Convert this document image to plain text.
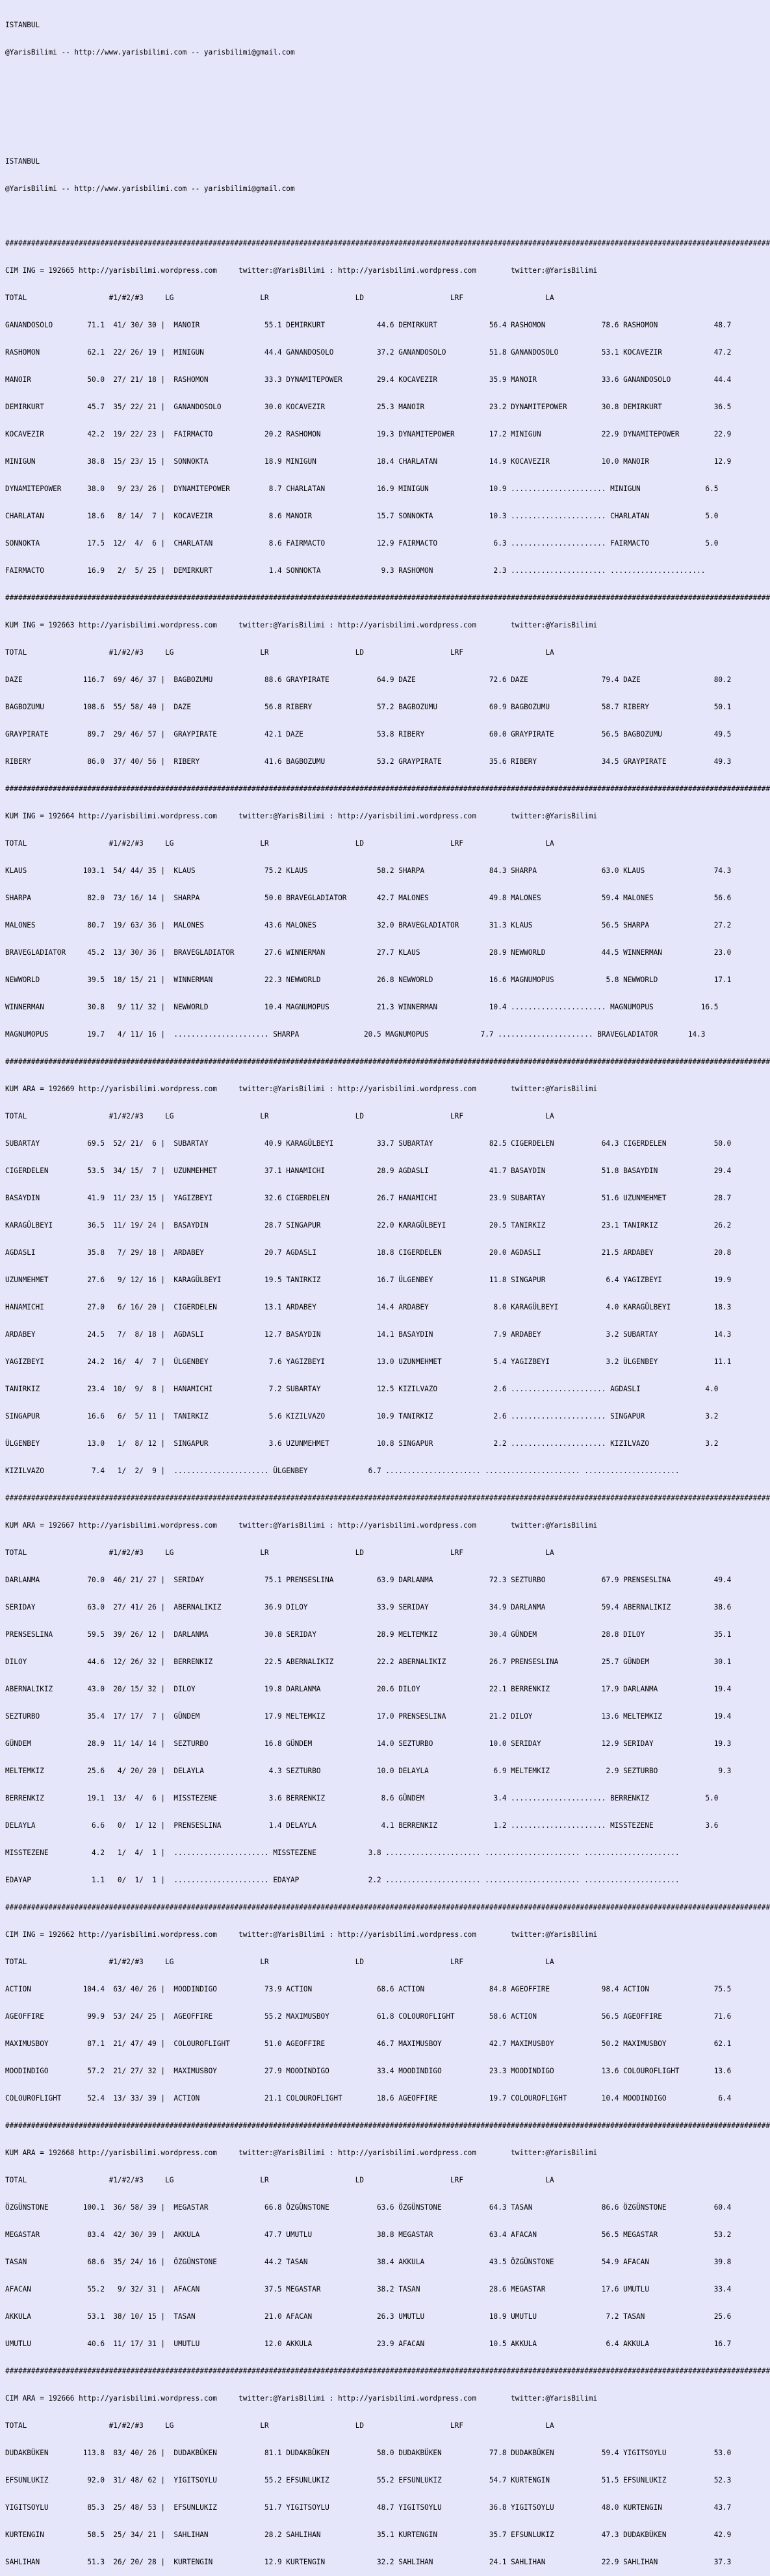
ISTANBUL

@YarisBilimi -- http://www.yarisbilimi.com -- yarisbilimi@gmail.com

ISTANBUL

@YarisBilimi -- http://www.yarisbilimi.com -- yarisbilimi@gmail.com

#################################################################################################################################################################################

CIM ING = 192665 http://yarisbilimi.wordpress.com     twitter:@YarisBilimi : http://yarisbilimi.wordpress.com        twitter:@YarisBilimi

TOTAL                   #1/#2/#3     LG                    LR                    LD                    LRF                   LA

GANANDOSOLO        71.1  41/ 30/ 30 |  MANOIR               55.1 DEMIRKURT            44.6 DEMIRKURT            56.4 RASHOMON             78.6 RASHOMON             48.7

RASHOMON           62.1  22/ 26/ 19 |  MINIGUN              44.4 GANANDOSOLO          37.2 GANANDOSOLO          51.8 GANANDOSOLO          53.1 KOCAVEZIR            47.2

MANOIR             50.0  27/ 21/ 18 |  RASHOMON             33.3 DYNAMITEPOWER        29.4 KOCAVEZIR            35.9 MANOIR               33.6 GANANDOSOLO          44.4

DEMIRKURT          45.7  35/ 22/ 21 |  GANANDOSOLO          30.0 KOCAVEZIR            25.3 MANOIR               23.2 DYNAMITEPOWER        30.8 DEMIRKURT            36.5

KOCAVEZIR          42.2  19/ 22/ 23 |  FAIRMACTO            20.2 RASHOMON             19.3 DYNAMITEPOWER        17.2 MINIGUN              22.9 DYNAMITEPOWER        22.9

MINIGUN            38.8  15/ 23/ 15 |  SONNOKTA             18.9 MINIGUN              18.4 CHARLATAN            14.9 KOCAVEZIR            10.0 MANOIR               12.9

DYNAMITEPOWER      38.0   9/ 23/ 26 |  DYNAMITEPOWER         8.7 CHARLATAN            16.9 MINIGUN              10.9 ...................... MINIGUN               6.5

CHARLATAN          18.6   8/ 14/  7 |  KOCAVEZIR             8.6 MANOIR               15.7 SONNOKTA             10.3 ...................... CHARLATAN             5.0

SONNOKTA           17.5  12/  4/  6 |  CHARLATAN             8.6 FAIRMACTO            12.9 FAIRMACTO             6.3 ...................... FAIRMACTO             5.0

FAIRMACTO          16.9   2/  5/ 25 |  DEMIRKURT             1.4 SONNOKTA              9.3 RASHOMON              2.3 ...................... ......................

#################################################################################################################################################################################

KUM ING = 192663 http://yarisbilimi.wordpress.com     twitter:@YarisBilimi : http://yarisbilimi.wordpress.com        twitter:@YarisBilimi

TOTAL                   #1/#2/#3     LG                    LR                    LD                    LRF                   LA

DAZE              116.7  69/ 46/ 37 |  BAGBOZUMU            88.6 GRAYPIRATE           64.9 DAZE                 72.6 DAZE                 79.4 DAZE                 80.2

BAGBOZUMU         108.6  55/ 58/ 40 |  DAZE                 56.8 RIBERY               57.2 BAGBOZUMU            60.9 BAGBOZUMU            58.7 RIBERY               50.1

GRAYPIRATE         89.7  29/ 46/ 57 |  GRAYPIRATE           42.1 DAZE                 53.8 RIBERY               60.0 GRAYPIRATE           56.5 BAGBOZUMU            49.5

RIBERY             86.0  37/ 40/ 56 |  RIBERY               41.6 BAGBOZUMU            53.2 GRAYPIRATE           35.6 RIBERY               34.5 GRAYPIRATE           49.3

#################################################################################################################################################################################

KUM ING = 192664 http://yarisbilimi.wordpress.com     twitter:@YarisBilimi : http://yarisbilimi.wordpress.com        twitter:@YarisBilimi

TOTAL                   #1/#2/#3     LG                    LR                    LD                    LRF                   LA

KLAUS             103.1  54/ 44/ 35 |  KLAUS                75.2 KLAUS                58.2 SHARPA               84.3 SHARPA               63.0 KLAUS                74.3

SHARPA             82.0  73/ 16/ 14 |  SHARPA               50.0 BRAVEGLADIATOR       42.7 MALONES              49.8 MALONES              59.4 MALONES              56.6

MALONES            80.7  19/ 63/ 36 |  MALONES              43.6 MALONES              32.0 BRAVEGLADIATOR       31.3 KLAUS                56.5 SHARPA               27.2

BRAVEGLADIATOR     45.2  13/ 30/ 36 |  BRAVEGLADIATOR       27.6 WINNERMAN            27.7 KLAUS                28.9 NEWWORLD             44.5 WINNERMAN            23.0

NEWWORLD           39.5  18/ 15/ 21 |  WINNERMAN            22.3 NEWWORLD             26.8 NEWWORLD             16.6 MAGNUMOPUS            5.8 NEWWORLD             17.1

WINNERMAN          30.8   9/ 11/ 32 |  NEWWORLD             10.4 MAGNUMOPUS           21.3 WINNERMAN            10.4 ...................... MAGNUMOPUS           16.5

MAGNUMOPUS         19.7   4/ 11/ 16 |  ...................... SHARPA               20.5 MAGNUMOPUS            7.7 ...................... BRAVEGLADIATOR       14.3

#################################################################################################################################################################################

KUM ARA = 192669 http://yarisbilimi.wordpress.com     twitter:@YarisBilimi : http://yarisbilimi.wordpress.com        twitter:@YarisBilimi

TOTAL                   #1/#2/#3     LG                    LR                    LD                    LRF                   LA

SUBARTAY           69.5  52/ 21/  6 |  SUBARTAY             40.9 KARAGÜLBEYI          33.7 SUBARTAY             82.5 CIGERDELEN           64.3 CIGERDELEN           50.0

CIGERDELEN         53.5  34/ 15/  7 |  UZUNMEHMET           37.1 HANAMICHI            28.9 AGDASLI              41.7 BASAYDIN             51.8 BASAYDIN             29.4

BASAYDIN           41.9  11/ 23/ 15 |  YAGIZBEYI            32.6 CIGERDELEN           26.7 HANAMICHI            23.9 SUBARTAY             51.6 UZUNMEHMET           28.7

KARAGÜLBEYI        36.5  11/ 19/ 24 |  BASAYDIN             28.7 SINGAPUR             22.0 KARAGÜLBEYI          20.5 TANIRKIZ             23.1 TANIRKIZ             26.2

AGDASLI            35.8   7/ 29/ 18 |  ARDABEY              20.7 AGDASLI              18.8 CIGERDELEN           20.0 AGDASLI              21.5 ARDABEY              20.8

UZUNMEHMET         27.6   9/ 12/ 16 |  KARAGÜLBEYI          19.5 TANIRKIZ             16.7 ÜLGENBEY             11.8 SINGAPUR              6.4 YAGIZBEYI            19.9

HANAMICHI          27.0   6/ 16/ 20 |  CIGERDELEN           13.1 ARDABEY              14.4 ARDABEY               8.0 KARAGÜLBEYI           4.0 KARAGÜLBEYI          18.3

ARDABEY            24.5   7/  8/ 18 |  AGDASLI              12.7 BASAYDIN             14.1 BASAYDIN              7.9 ARDABEY               3.2 SUBARTAY             14.3

YAGIZBEYI          24.2  16/  4/  7 |  ÜLGENBEY              7.6 YAGIZBEYI            13.0 UZUNMEHMET            5.4 YAGIZBEYI             3.2 ÜLGENBEY             11.1

TANIRKIZ           23.4  10/  9/  8 |  HANAMICHI             7.2 SUBARTAY             12.5 KIZILVAZO             2.6 ...................... AGDASLI               4.0

SINGAPUR           16.6   6/  5/ 11 |  TANIRKIZ              5.6 KIZILVAZO            10.9 TANIRKIZ              2.6 ...................... SINGAPUR              3.2

ÜLGENBEY           13.0   1/  8/ 12 |  SINGAPUR              3.6 UZUNMEHMET           10.8 SINGAPUR              2.2 ...................... KIZILVAZO             3.2

KIZILVAZO           7.4   1/  2/  9 |  ...................... ÜLGENBEY              6.7 ...................... ...................... ......................

#################################################################################################################################################################################

KUM ARA = 192667 http://yarisbilimi.wordpress.com     twitter:@YarisBilimi : http://yarisbilimi.wordpress.com        twitter:@YarisBilimi

TOTAL                   #1/#2/#3     LG                    LR                    LD                    LRF                   LA

DARLANMA           70.0  46/ 21/ 27 |  SERIDAY              75.1 PRENSESLINA          63.9 DARLANMA             72.3 SEZTURBO             67.9 PRENSESLINA          49.4

SERIDAY            63.0  27/ 41/ 26 |  ABERNALIKIZ          36.9 DILOY                33.9 SERIDAY              34.9 DARLANMA             59.4 ABERNALIKIZ          38.6

PRENSESLINA        59.5  39/ 26/ 12 |  DARLANMA             30.8 SERIDAY              28.9 MELTEMKIZ            30.4 GÜNDEM               28.8 DILOY                35.1

DILOY              44.6  12/ 26/ 32 |  BERRENKIZ            22.5 ABERNALIKIZ          22.2 ABERNALIKIZ          26.7 PRENSESLINA          25.7 GÜNDEM               30.1

ABERNALIKIZ        43.0  20/ 15/ 32 |  DILOY                19.8 DARLANMA             20.6 DILOY                22.1 BERRENKIZ            17.9 DARLANMA             19.4

SEZTURBO           35.4  17/ 17/  7 |  GÜNDEM               17.9 MELTEMKIZ            17.0 PRENSESLINA          21.2 DILOY                13.6 MELTEMKIZ            19.4

GÜNDEM             28.9  11/ 14/ 14 |  SEZTURBO             16.8 GÜNDEM               14.0 SEZTURBO             10.0 SERIDAY              12.9 SERIDAY              19.3

MELTEMKIZ          25.6   4/ 20/ 20 |  DELAYLA               4.3 SEZTURBO             10.0 DELAYLA               6.9 MELTEMKIZ             2.9 SEZTURBO              9.3

BERRENKIZ          19.1  13/  4/  6 |  MISSTEZENE            3.6 BERRENKIZ             8.6 GÜNDEM                3.4 ...................... BERRENKIZ             5.0

DELAYLA             6.6   0/  1/ 12 |  PRENSESLINA           1.4 DELAYLA               4.1 BERRENKIZ             1.2 ...................... MISSTEZENE            3.6

MISSTEZENE          4.2   1/  4/  1 |  ...................... MISSTEZENE            3.8 ...................... ...................... ......................

EDAYAP              1.1   0/  1/  1 |  ...................... EDAYAP                2.2 ...................... ...................... ......................

#################################################################################################################################################################################

CIM ING = 192662 http://yarisbilimi.wordpress.com     twitter:@YarisBilimi : http://yarisbilimi.wordpress.com        twitter:@YarisBilimi

TOTAL                   #1/#2/#3     LG                    LR                    LD                    LRF                   LA

ACTION            104.4  63/ 40/ 26 |  MOODINDIGO           73.9 ACTION               68.6 ACTION               84.8 AGEOFFIRE            98.4 ACTION               75.5

AGEOFFIRE          99.9  53/ 24/ 25 |  AGEOFFIRE            55.2 MAXIMUSBOY           61.8 COLOUROFLIGHT        58.6 ACTION               56.5 AGEOFFIRE            71.6

MAXIMUSBOY         87.1  21/ 47/ 49 |  COLOUROFLIGHT        51.0 AGEOFFIRE            46.7 MAXIMUSBOY           42.7 MAXIMUSBOY           50.2 MAXIMUSBOY           62.1

MOODINDIGO         57.2  21/ 27/ 32 |  MAXIMUSBOY           27.9 MOODINDIGO           33.4 MOODINDIGO           23.3 MOODINDIGO           13.6 COLOUROFLIGHT        13.6

COLOUROFLIGHT      52.4  13/ 33/ 39 |  ACTION               21.1 COLOUROFLIGHT        18.6 AGEOFFIRE            19.7 COLOUROFLIGHT        10.4 MOODINDIGO            6.4

#################################################################################################################################################################################

KUM ARA = 192668 http://yarisbilimi.wordpress.com     twitter:@YarisBilimi : http://yarisbilimi.wordpress.com        twitter:@YarisBilimi

TOTAL                   #1/#2/#3     LG                    LR                    LD                    LRF                   LA

ÖZGÜNSTONE        100.1  36/ 58/ 39 |  MEGASTAR             66.8 ÖZGÜNSTONE           63.6 ÖZGÜNSTONE           64.3 TASAN                86.6 ÖZGÜNSTONE           60.4

MEGASTAR           83.4  42/ 30/ 39 |  AKKULA               47.7 UMUTLU               38.8 MEGASTAR             63.4 AFACAN               56.5 MEGASTAR             53.2

TASAN              68.6  35/ 24/ 16 |  ÖZGÜNSTONE           44.2 TASAN                38.4 AKKULA               43.5 ÖZGÜNSTONE           54.9 AFACAN               39.8

AFACAN             55.2   9/ 32/ 31 |  AFACAN               37.5 MEGASTAR             38.2 TASAN                28.6 MEGASTAR             17.6 UMUTLU               33.4

AKKULA             53.1  38/ 10/ 15 |  TASAN                21.0 AFACAN               26.3 UMUTLU               18.9 UMUTLU                7.2 TASAN                25.6

UMUTLU             40.6  11/ 17/ 31 |  UMUTLU               12.0 AKKULA               23.9 AFACAN               10.5 AKKULA                6.4 AKKULA               16.7

#################################################################################################################################################################################

CIM ARA = 192666 http://yarisbilimi.wordpress.com     twitter:@YarisBilimi : http://yarisbilimi.wordpress.com        twitter:@YarisBilimi

TOTAL                   #1/#2/#3     LG                    LR                    LD                    LRF                   LA

DUDAKBÜKEN        113.8  83/ 40/ 26 |  DUDAKBÜKEN           81.1 DUDAKBÜKEN           58.0 DUDAKBÜKEN           77.8 DUDAKBÜKEN           59.4 YIGITSOYLU           53.0

EFSUNLUKIZ         92.0  31/ 48/ 62 |  YIGITSOYLU           55.2 EFSUNLUKIZ           55.2 EFSUNLUKIZ           54.7 KURTENGIN            51.5 EFSUNLUKIZ           52.3

YIGITSOYLU         85.3  25/ 48/ 53 |  EFSUNLUKIZ           51.7 YIGITSOYLU           48.7 YIGITSOYLU           36.8 YIGITSOYLU           48.0 KURTENGIN            43.7

KURTENGIN          58.5  25/ 34/ 21 |  SAHLIHAN             28.2 SAHLIHAN             35.1 KURTENGIN            35.7 EFSUNLUKIZ           47.3 DUDAKBÜKEN           42.9

SAHLIHAN           51.3  26/ 20/ 28 |  KURTENGIN            12.9 KURTENGIN            32.2 SAHLIHAN             24.1 SAHLIHAN             22.9 SAHLIHAN             37.3
